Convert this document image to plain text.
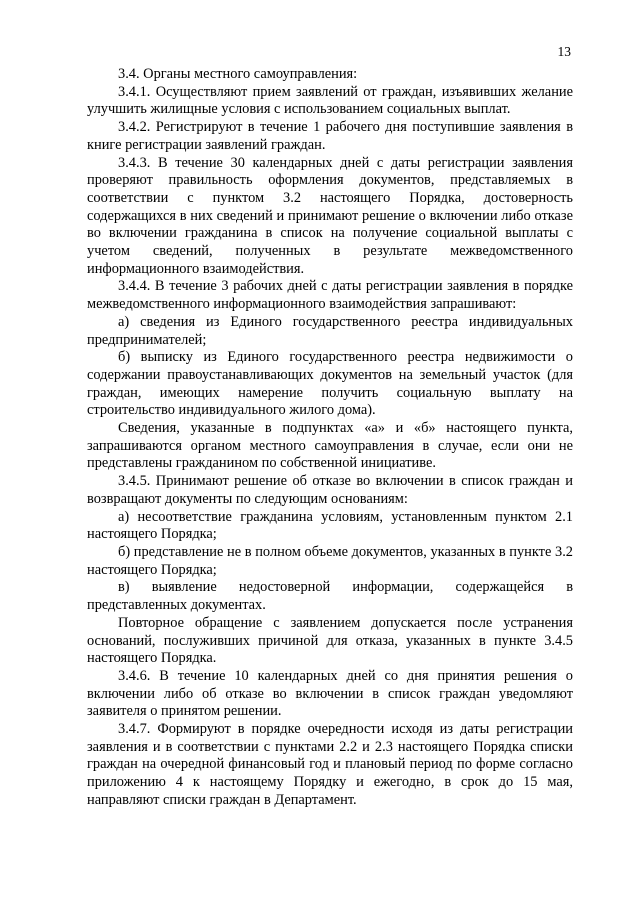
13

3.4. Органы местного самоуправления:

3.4.1. Осуществляют прием заявлений от граждан, изъявивших желание улучшить жилищные условия с использованием социальных выплат.

3.4.2. Регистрируют в течение 1 рабочего дня поступившие заявления в книге регистрации заявлений граждан.

3.4.3. В течение 30 календарных дней с даты регистрации заявления проверяют правильность оформления документов, представляемых в соответствии с пунктом 3.2 настоящего Порядка, достоверность содержащихся в них сведений и принимают решение о включении либо отказе во включении гражданина в список на получение социальной выплаты с учетом сведений, полученных в результате межведомственного информационного взаимодействия.

3.4.4. В течение 3 рабочих дней с даты регистрации заявления в порядке межведомственного информационного взаимодействия запрашивают:

а) сведения из Единого государственного реестра индивидуальных предпринимателей;

б) выписку из Единого государственного реестра недвижимости о содержании правоустанавливающих документов на земельный участок (для граждан, имеющих намерение получить социальную выплату на строительство индивидуального жилого дома).

Сведения, указанные в подпунктах «а» и «б» настоящего пункта, запрашиваются органом местного самоуправления в случае, если они не представлены гражданином по собственной инициативе.

3.4.5. Принимают решение об отказе во включении в список граждан и возвращают документы по следующим основаниям:

а) несоответствие гражданина условиям, установленным пунктом 2.1 настоящего Порядка;

б) представление не в полном объеме документов, указанных в пункте 3.2 настоящего Порядка;

в) выявление недостоверной информации, содержащейся в представленных документах.

Повторное обращение с заявлением допускается после устранения оснований, послуживших причиной для отказа, указанных в пункте 3.4.5 настоящего Порядка.

3.4.6. В течение 10 календарных дней со дня принятия решения о включении либо об отказе во включении в список граждан уведомляют заявителя о принятом решении.

3.4.7. Формируют в порядке очередности исходя из даты регистрации заявления и в соответствии с пунктами 2.2 и 2.3 настоящего Порядка списки граждан на очередной финансовый год и плановый период по форме согласно приложению 4 к настоящему Порядку и ежегодно, в срок до 15 мая, направляют списки граждан в Департамент.
